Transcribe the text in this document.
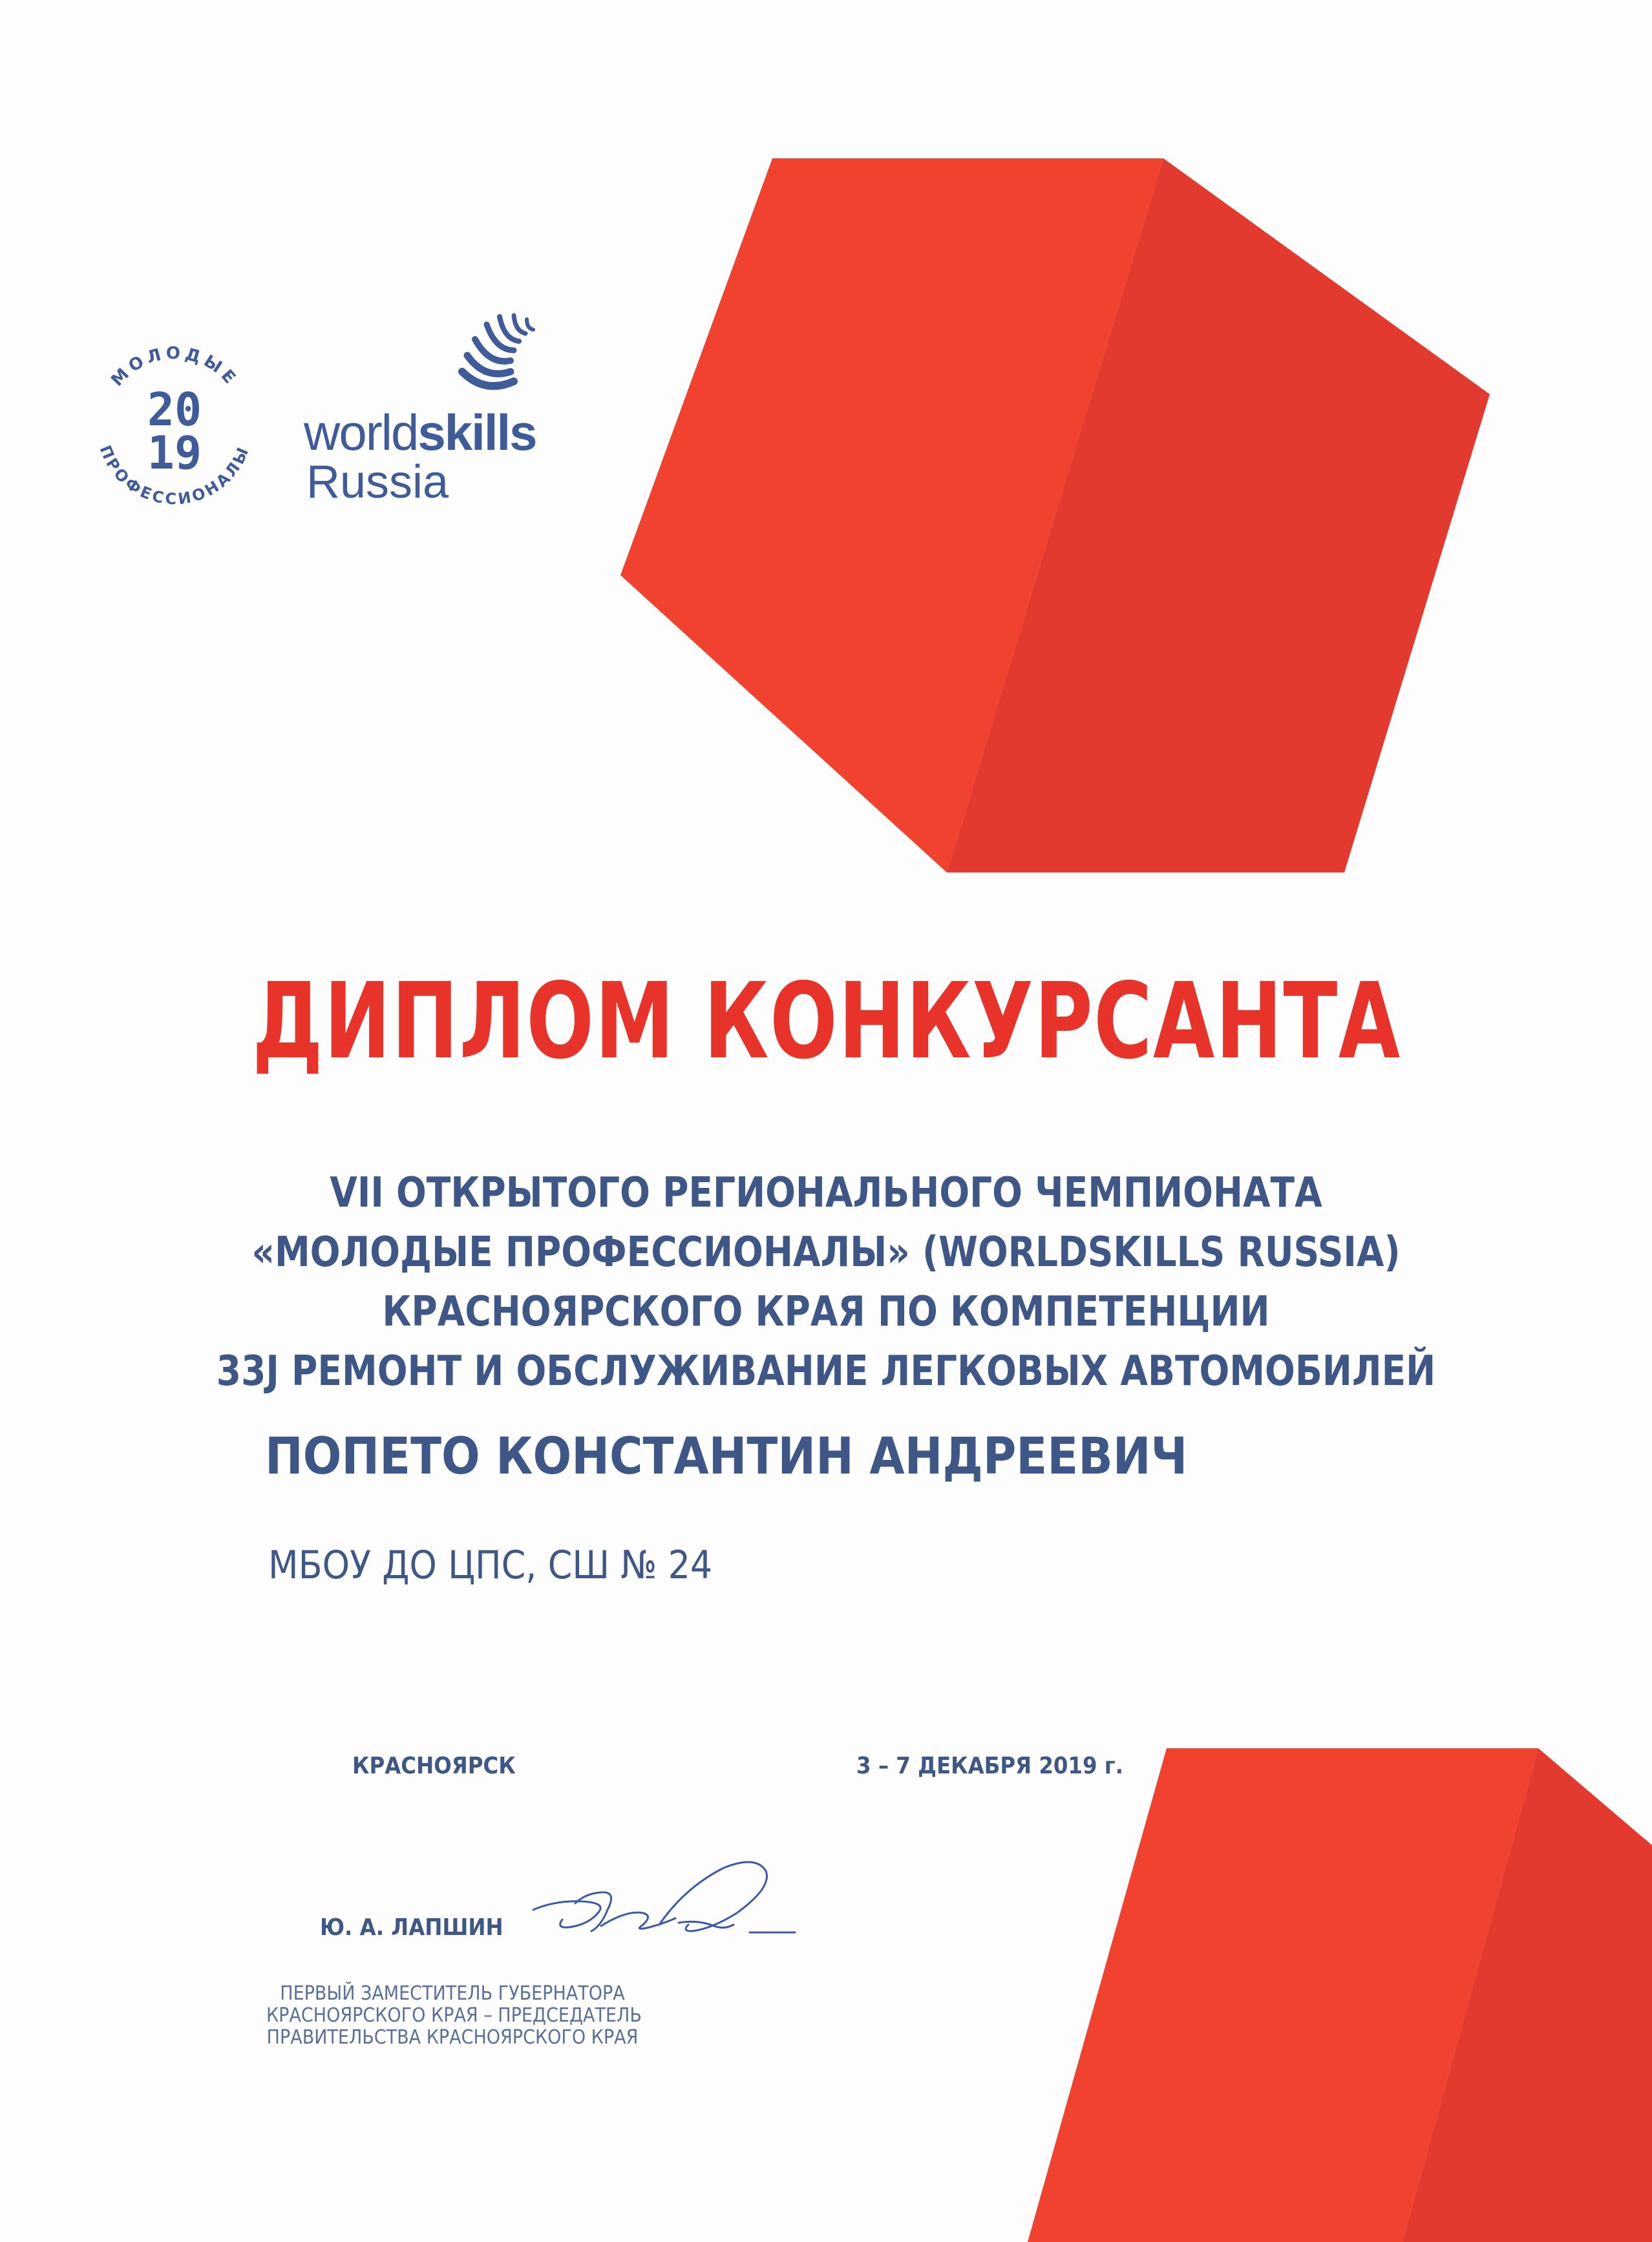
МОЛОДЫЕ
ПРОФЕССИОНАЛЫ
20
19 worldskills
Russia
ДИПЛОМ КОНКУРСАНТА
VII ОТКРЫТОГО РЕГИОНАЛЬНОГО ЧЕМПИОНАТА
«МОЛОДЫЕ ПРОФЕССИОНАЛЫ» (WORLDSKILLS RUSSIA)
КРАСНОЯРСКОГО КРАЯ ПО КОМПЕТЕНЦИИ
33J РЕМОНТ И ОБСЛУЖИВАНИЕ ЛЕГКОВЫХ АВТОМОБИЛЕЙ
ПОПЕТО КОНСТАНТИН АНДРЕЕВИЧ
МБОУ ДО ЦПС, СШ № 24
КРАСНОЯРСК	3 – 7 ДЕКАБРЯ 2019 г.
Ю. А. ЛАПШИН
ПЕРВЫЙ ЗАМЕСТИТЕЛЬ ГУБЕРНАТОРА
КРАСНОЯРСКОГО КРАЯ – ПРЕДСЕДАТЕЛЬ
ПРАВИТЕЛЬСТВА КРАСНОЯРСКОГО КРАЯ
